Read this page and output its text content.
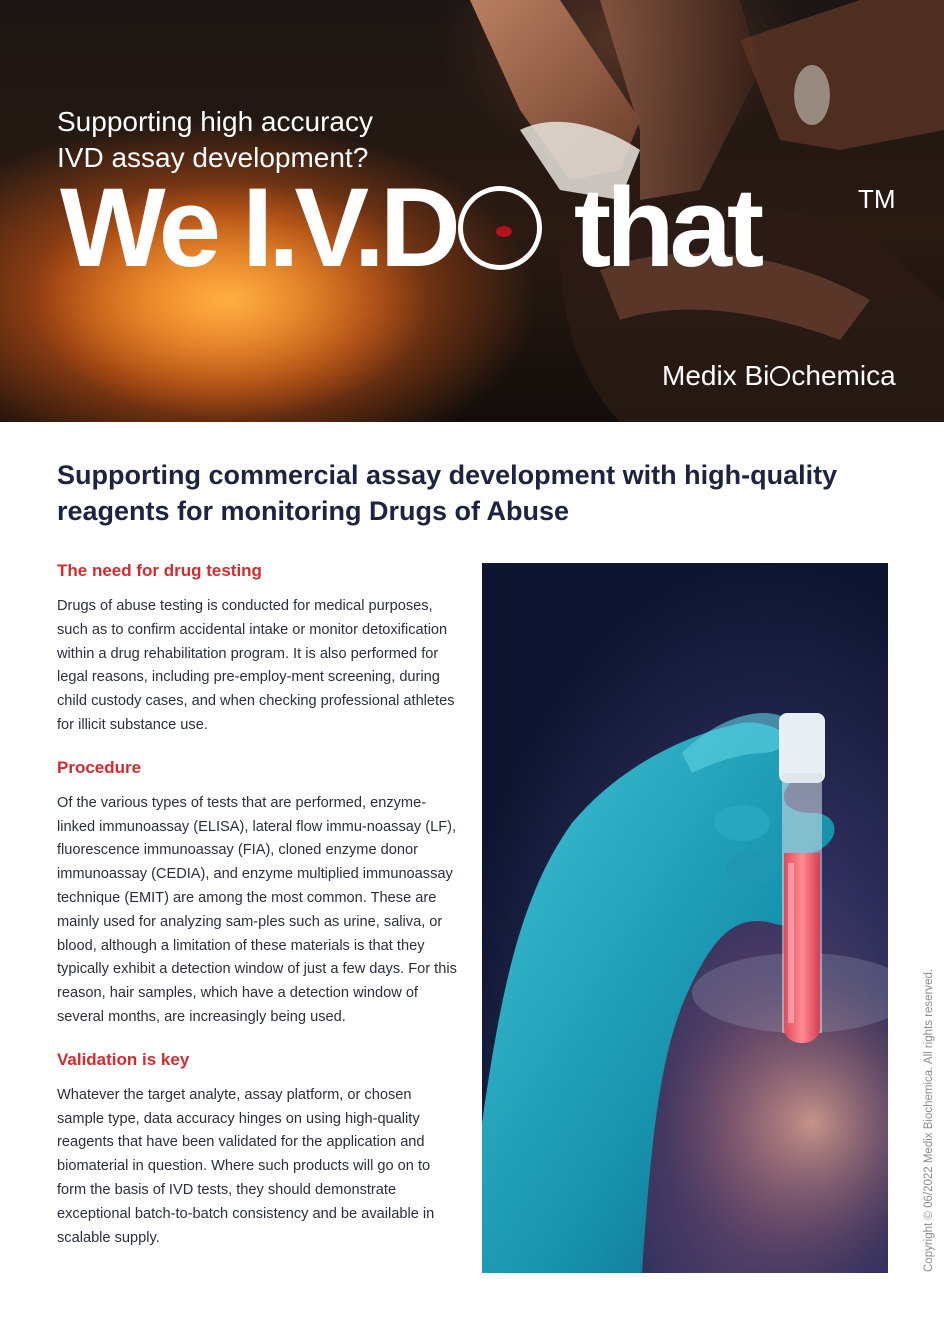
Supporting high accuracy
IVD assay development?
We I.V.D that	TM
Medix Bi chemica
Supporting commercial assay development with high-quality reagents for monitoring Drugs of Abuse
The need for drug testing

Drugs of abuse testing is conducted for medical purposes, such as to confirm accidental intake or monitor detoxification within a drug rehabilitation program. It is also performed for legal reasons, including pre-employ-ment screening, during child custody cases, and when checking professional athletes for illicit substance use.

Procedure

Of the various types of tests that are performed, enzyme-linked immunoassay (ELISA), lateral flow immu-noassay (LF), fluorescence immunoassay (FIA), cloned enzyme donor immunoassay (CEDIA), and enzyme multiplied immunoassay technique (EMIT) are among the most common. These are mainly used for analyzing sam-ples such as urine, saliva, or blood, although a limitation of these materials is that they typically exhibit a detection window of just a few days. For this reason, hair samples, which have a detection window of several months, are increasingly being used.

Validation is key

Whatever the target analyte, assay platform, or chosen sample type, data accuracy hinges on using high-quality reagents that have been validated for the application and biomaterial in question. Where such products will go on to form the basis of IVD tests, they should demonstrate exceptional batch-to-batch consistency and be available in scalable supply.	Copyright © 06/2022 Medix Biochemica. All rights reserved.
